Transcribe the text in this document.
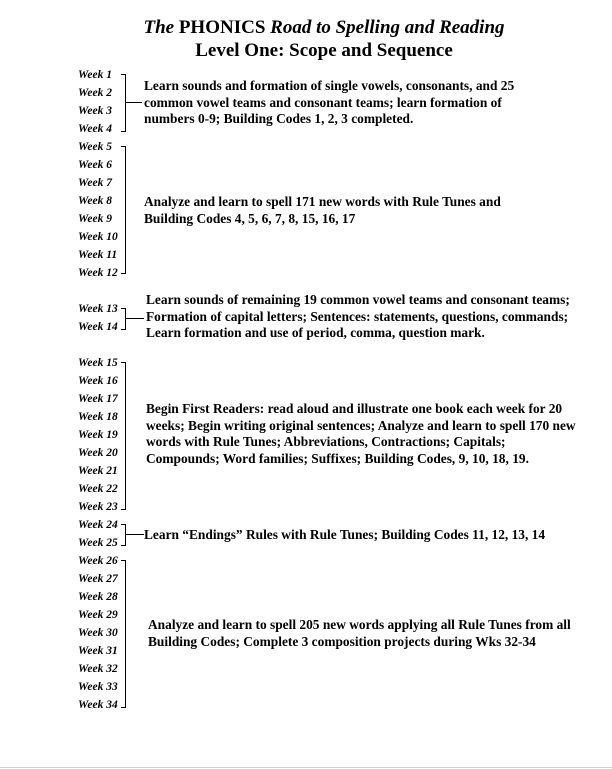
The PHONICS Road to Spelling and Reading
Level One: Scope and Sequence
Week 1
Week 2
Week 3
Week 4
Week 5
Week 6
Week 7
Week 8
Week 9
Week 10
Week 11
Week 12
Week 13
Week 14
Week 15
Week 16
Week 17
Week 18
Week 19
Week 20
Week 21
Week 22
Week 23
Week 24
Week 25
Week 26
Week 27
Week 28
Week 29
Week 30
Week 31
Week 32
Week 33
Week 34
Learn sounds and formation of single vowels, consonants, and 25 common vowel teams and consonant teams; learn formation of numbers 0-9; Building Codes 1, 2, 3 completed.
Analyze and learn to spell 171 new words with Rule Tunes and Building Codes 4, 5, 6, 7, 8, 15, 16, 17
Learn sounds of remaining 19 common vowel teams and consonant teams; Formation of capital letters; Sentences: statements, questions, commands; Learn formation and use of period, comma, question mark.
Begin First Readers: read aloud and illustrate one book each week for 20 weeks; Begin writing original sentences; Analyze and learn to spell 170 new words with Rule Tunes; Abbreviations, Contractions; Capitals; Compounds; Word families; Suffixes; Building Codes, 9, 10, 18, 19.
Learn “Endings” Rules with Rule Tunes; Building Codes 11, 12, 13, 14
Analyze and learn to spell 205 new words applying all Rule Tunes from all Building Codes; Complete 3 composition projects during Wks 32-34
